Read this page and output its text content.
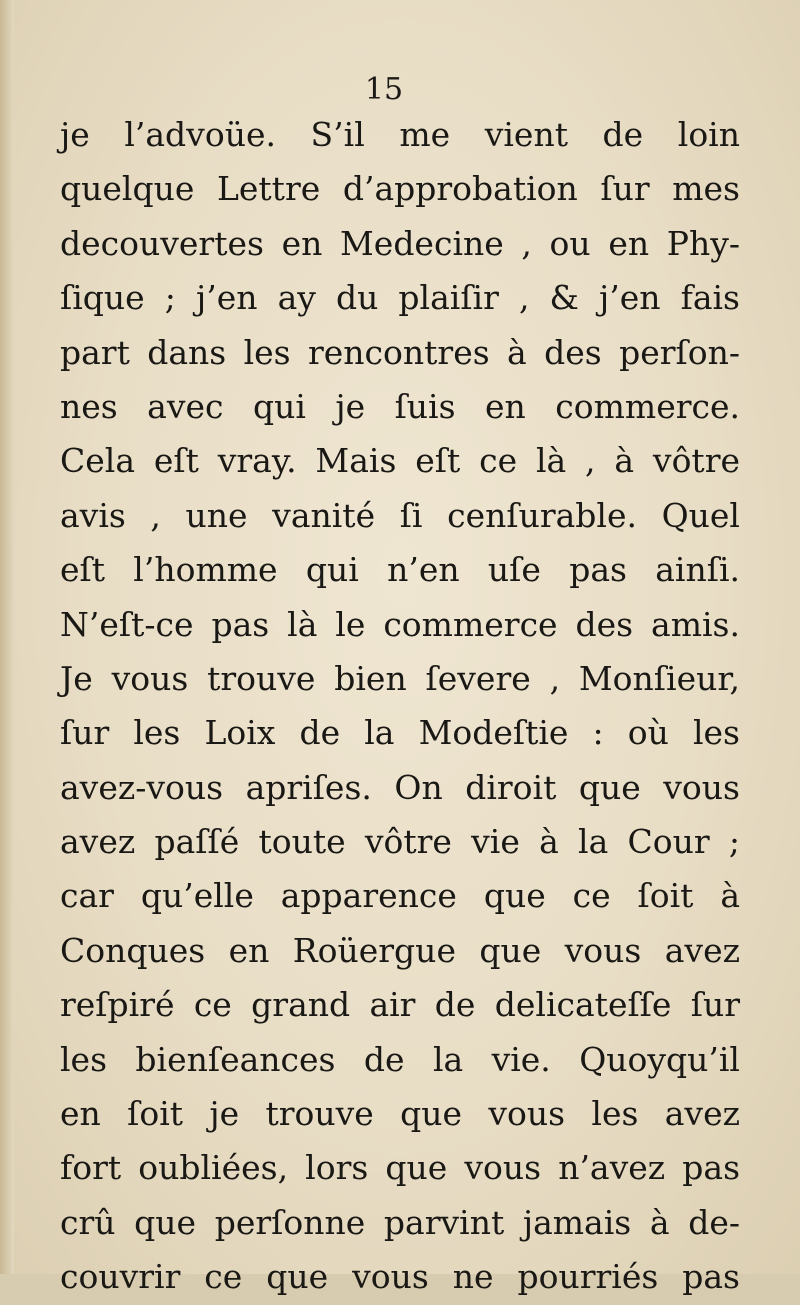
15
je l’advoüe. S’il me vient de loin
quelque Lettre d’approbation ſur mes
decouvertes en Medecine , ou en Phy-
ſique ; j’en ay du plaiſir , & j’en fais
part dans les rencontres à des perſon-
nes avec qui je ſuis en commerce.
Cela eſt vray. Mais eſt ce là , à vôtre
avis , une vanité ſi cenſurable. Quel
eſt l’homme qui n’en uſe pas ainſi.
N’eſt-ce pas là le commerce des amis.
Je vous trouve bien ſevere , Monſieur,
ſur les Loix de la Modeſtie : où les
avez-vous apriſes. On diroit que vous
avez paſſé toute vôtre vie à la Cour ;
car qu’elle apparence que ce ſoit à
Conques en Roüergue que vous avez
reſpiré ce grand air de delicateſſe ſur
les bienſeances de la vie. Quoyqu’il
en ſoit je trouve que vous les avez
fort oubliées, lors que vous n’avez pas
crû que perſonne parvint jamais à de-
couvrir ce que vous ne pourriés pas
